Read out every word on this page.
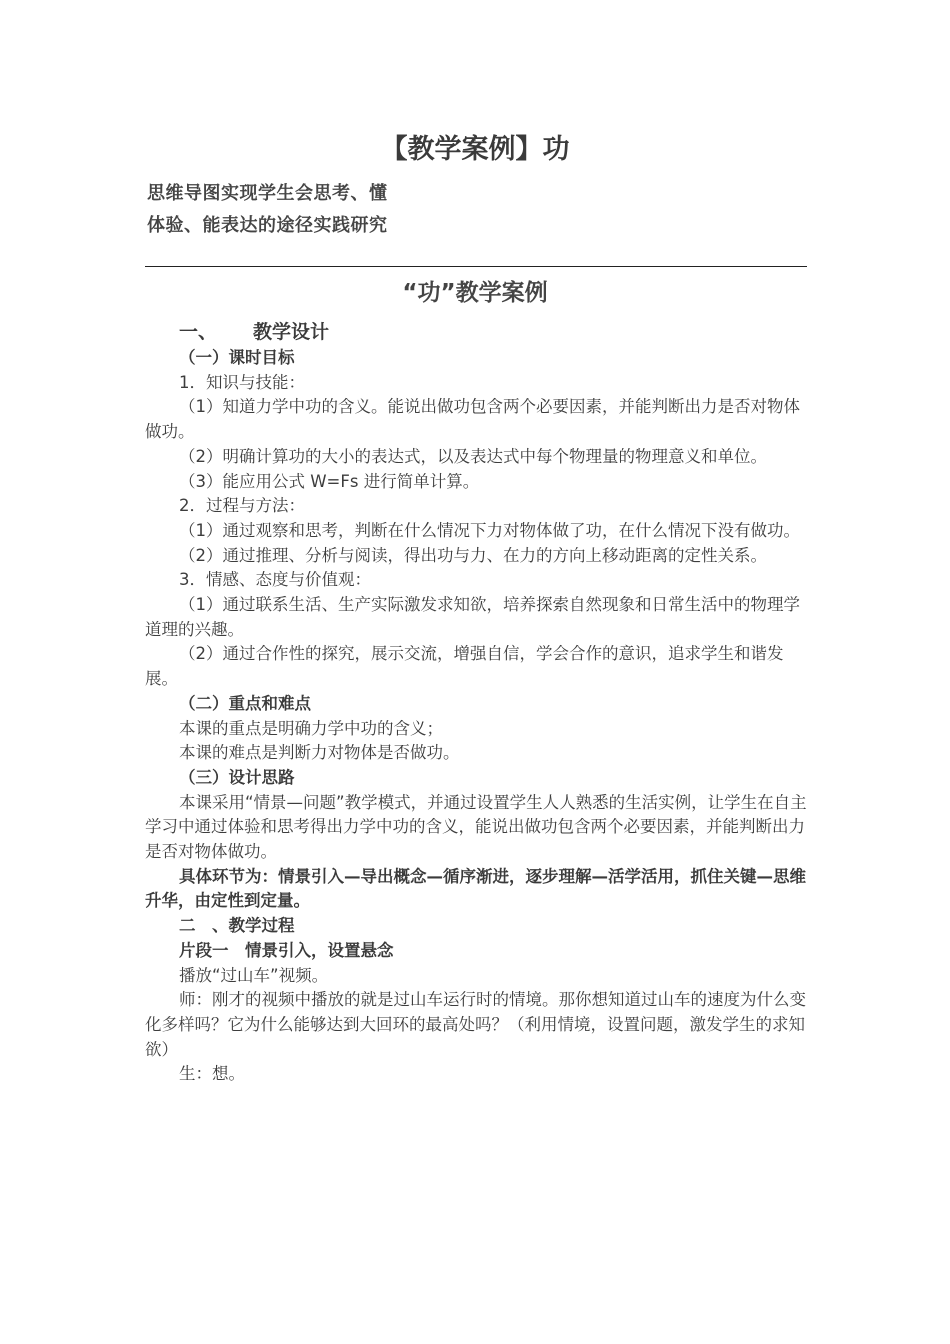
【教学案例】功
思维导图实现学生会思考、懂
体验、能表达的途径实践研究
“功”教学案例
一、 教学设计
（一）课时目标
1．知识与技能：
（1）知道力学中功的含义。能说出做功包含两个必要因素，并能判断出力是否对物体做功。
（2）明确计算功的大小的表达式，以及表达式中每个物理量的物理意义和单位。
（3）能应用公式 W=Fs 进行简单计算。
2．过程与方法：
（1）通过观察和思考，判断在什么情况下力对物体做了功，在什么情况下没有做功。
（2）通过推理、分析与阅读，得出功与力、在力的方向上移动距离的定性关系。
3．情感、态度与价值观：
（1）通过联系生活、生产实际激发求知欲，培养探索自然现象和日常生活中的物理学道理的兴趣。
（2）通过合作性的探究，展示交流，增强自信，学会合作的意识，追求学生和谐发展。
（二）重点和难点
本课的重点是明确力学中功的含义；
本课的难点是判断力对物体是否做功。
（三）设计思路
本课采用“情景—问题”教学模式，并通过设置学生人人熟悉的生活实例，让学生在自主学习中通过体验和思考得出力学中功的含义，能说出做功包含两个必要因素，并能判断出力是否对物体做功。
具体环节为：情景引入—导出概念—循序渐进，逐步理解—活学活用，抓住关键—思维升华，由定性到定量。
二　、教学过程
片段一　情景引入，设置悬念
播放“过山车”视频。
师：刚才的视频中播放的就是过山车运行时的情境。那你想知道过山车的速度为什么变化多样吗？它为什么能够达到大回环的最高处吗？（利用情境，设置问题，激发学生的求知欲）
生：想。
